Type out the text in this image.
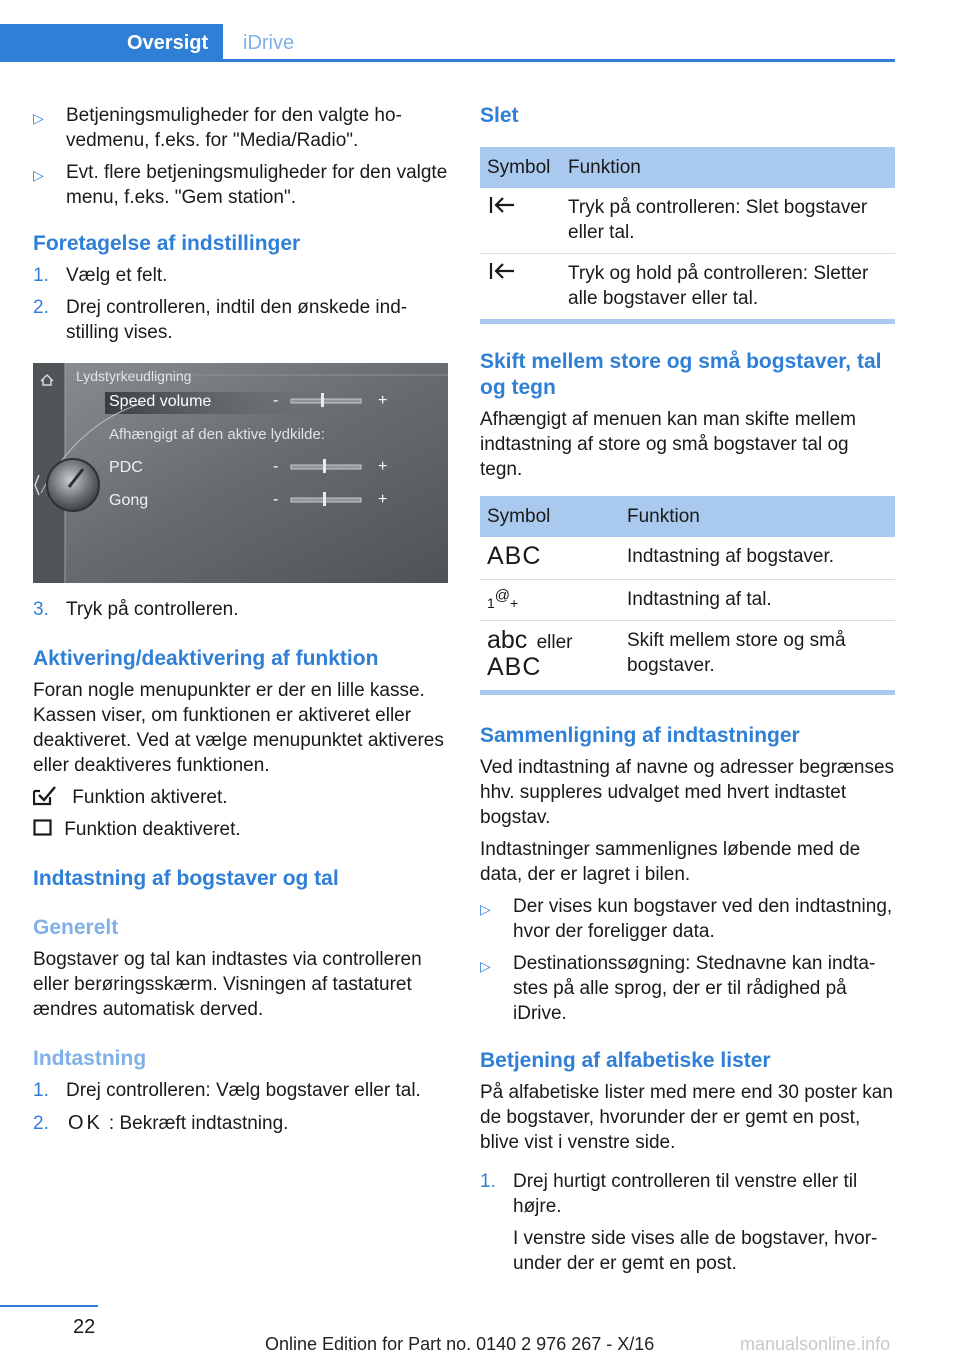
Oversigt	iDrive
▷ Betjeningsmuligheder for den valgte hovedmenu, f.eks. for "Media/Radio".
▷ Evt. flere betjeningsmuligheder for den valgte menu, f.eks. "Gem station".
Foretagelse af indstillinger
1. Vælg et felt.
2. Drej controlleren, indtil den ønskede indstilling vises.
Lydstyrkeudligning
Speed volume
Afhængigt af den aktive lydkilde:
PDC
Gong
-
-
-
+
+
+
3. Tryk på controlleren.
Aktivering/deaktivering af funktion

Foran nogle menupunkter er der en lille kasse. Kassen viser, om funktionen er aktiveret eller deaktiveret. Ved at vælge menupunktet aktiveres eller deaktiveres funktionen.

Funktion aktiveret.

Funktion deaktiveret.

Indtastning af bogstaver og tal
Generelt

Bogstaver og tal kan indtastes via controlleren eller berøringsskærm. Visningen af tastaturet ændres automatisk derved.

Indtastning
1. Drej controlleren: Vælg bogstaver eller tal.
2. OK : Bekræft indtastning.
Slet
Symbol	Funktion
	Tryk på controlleren: Slet bogstaver eller tal.
	Tryk og hold på controlleren: Sletter alle bogstaver eller tal.
Skift mellem store og små bogstaver, tal og tegn

Afhængigt af menuen kan man skifte mellem indtastning af store og små bogstaver tal og tegn.

Symbol	Funktion
ABC	Indtastning af bogstaver.
1@+	Indtastning af tal.
abc eller
ABC	Skift mellem store og små bogstaver.
Sammenligning af indtastninger

Ved indtastning af navne og adresser begrænses hhv. suppleres udvalget med hvert indtastet bogstav.

Indtastninger sammenlignes løbende med de data, der er lagret i bilen.

▷ Der vises kun bogstaver ved den indtastning, hvor der foreligger data.
▷ Destinationssøgning: Stednavne kan indtastes på alle sprog, der er til rådighed på iDrive.
Betjening af alfabetiske lister

På alfabetiske lister med mere end 30 poster kan de bogstaver, hvorunder der er gemt en post, blive vist i venstre side.

1. Drej hurtigt controlleren til venstre eller til højre.

I venstre side vises alle de bogstaver, hvorunder der er gemt en post.

22
Online Edition for Part no. 0140 2 976 267 - X/16	manualsonline.info
